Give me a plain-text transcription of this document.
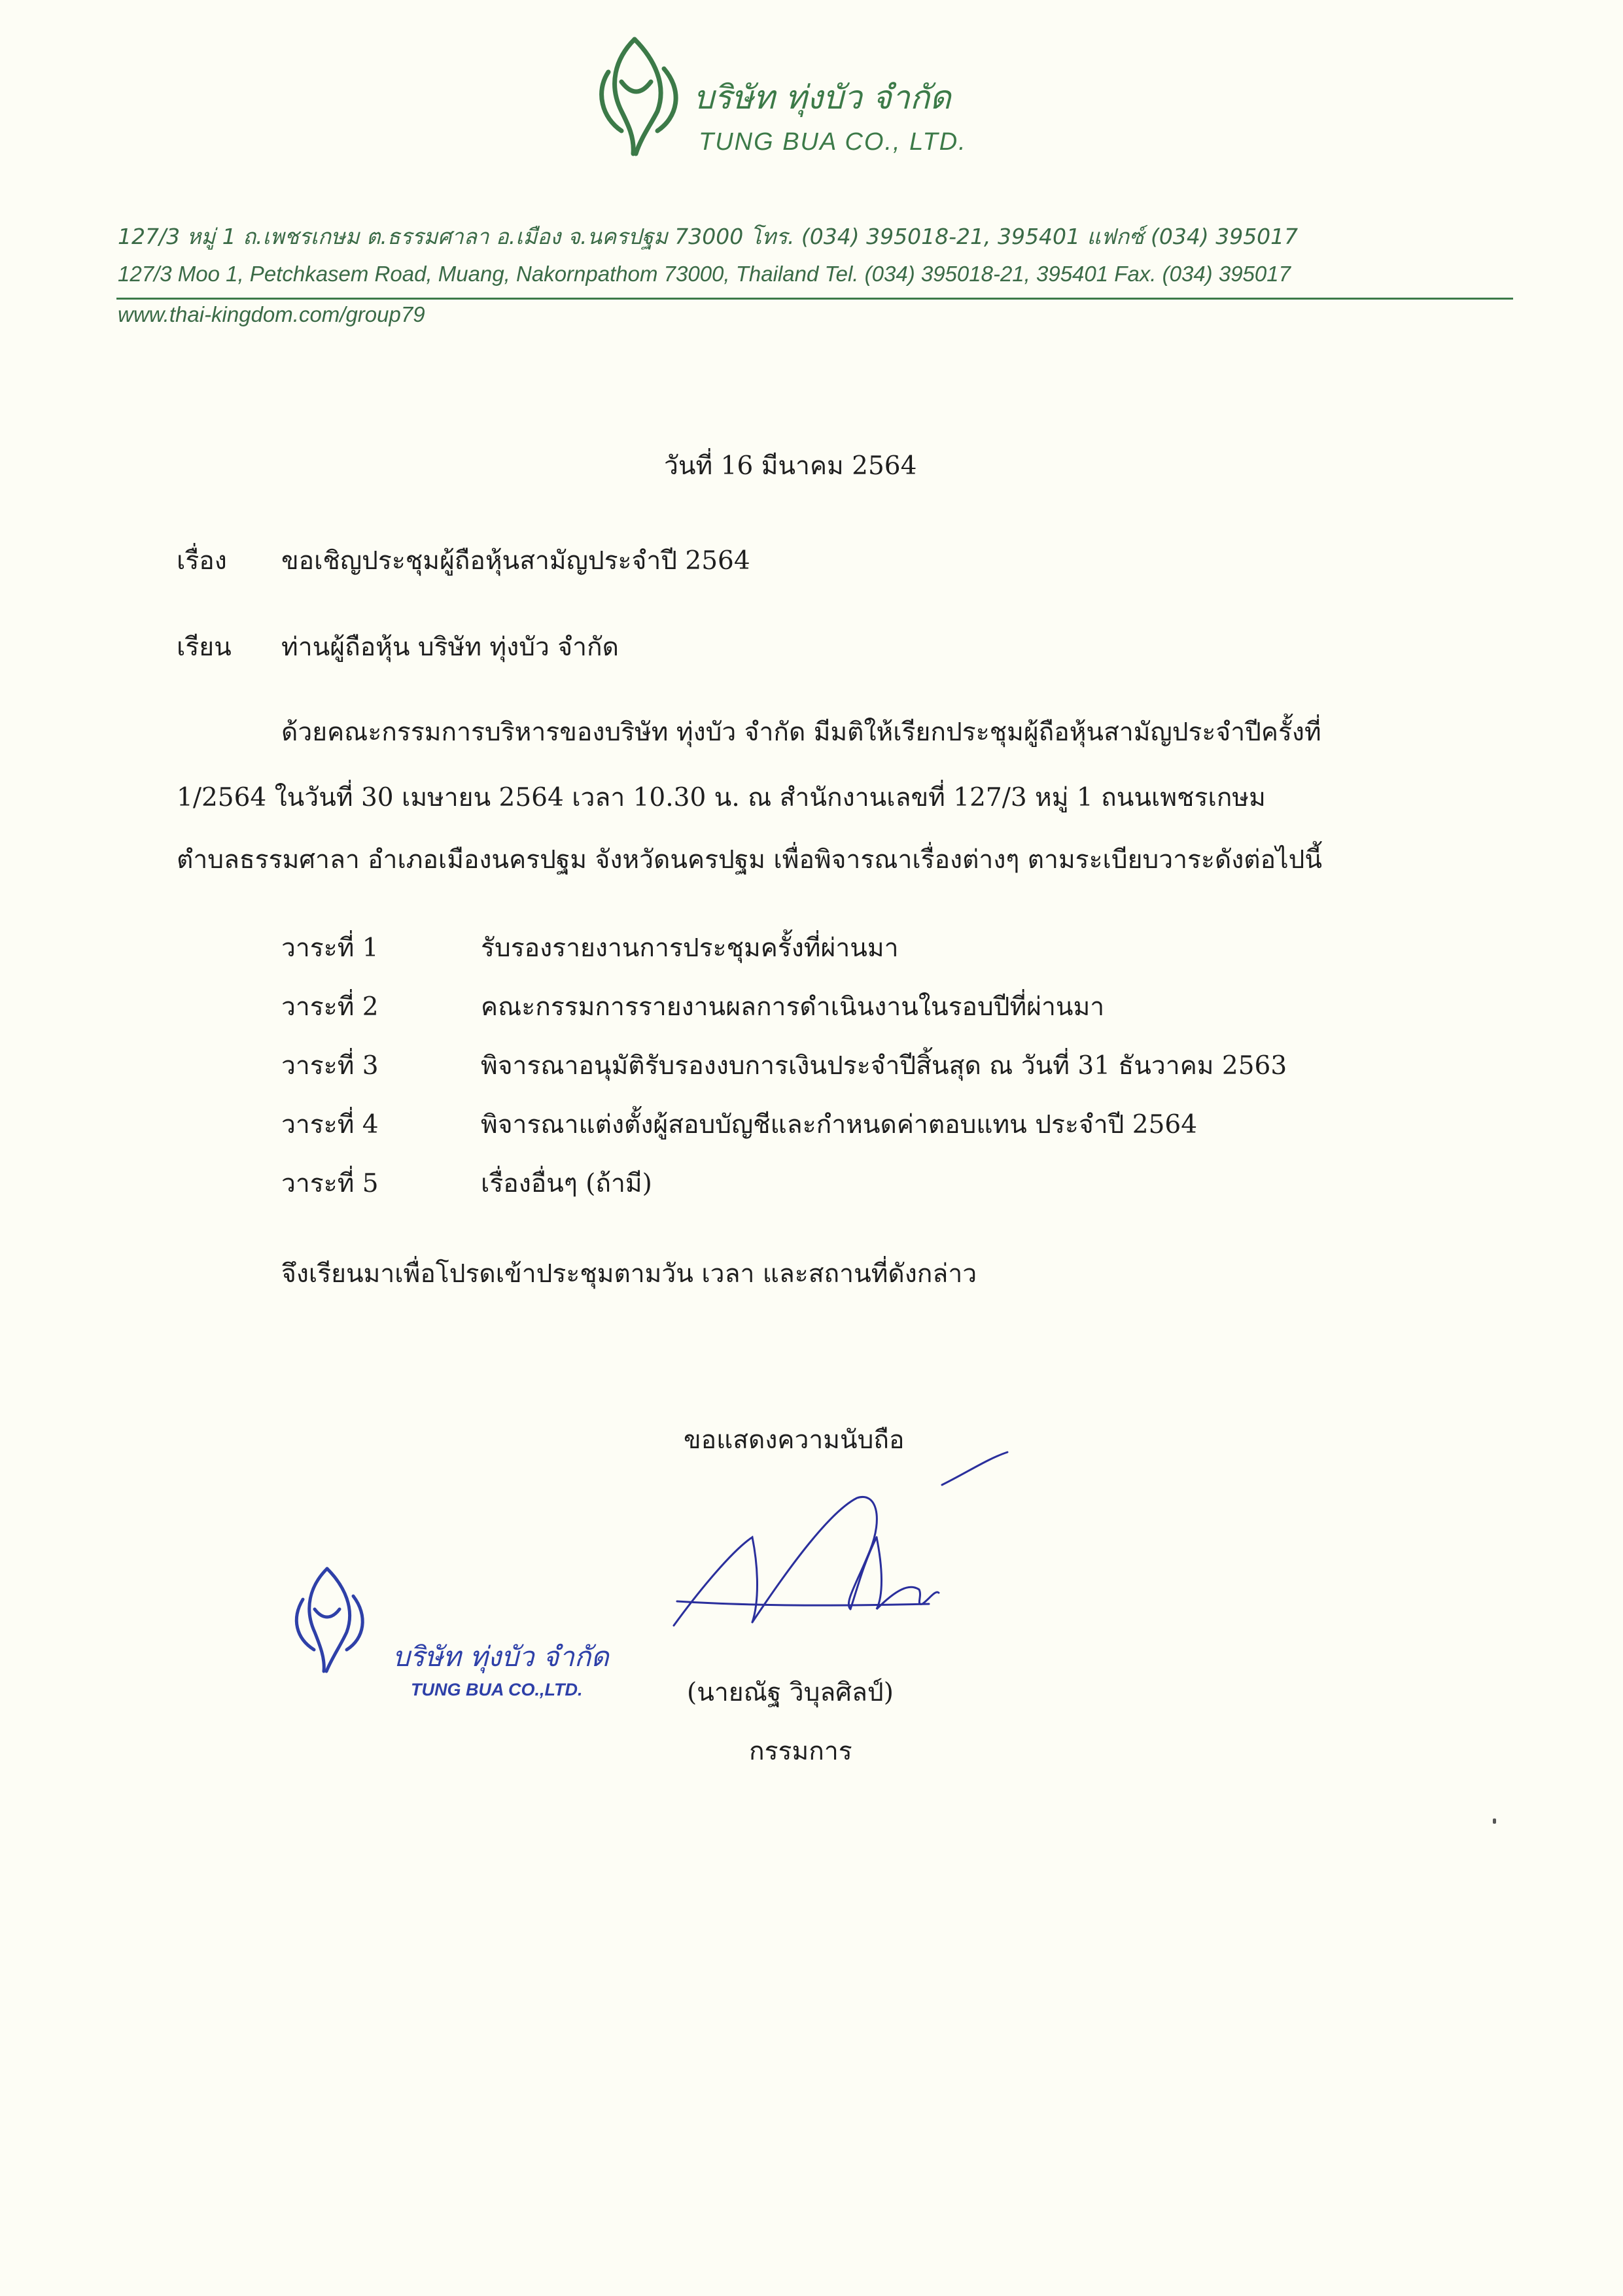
บริษัท ทุ่งบัว จำกัด
TUNG BUA CO., LTD.
127/3 หมู่ 1 ถ.เพชรเกษม ต.ธรรมศาลา อ.เมือง จ.นครปฐม 73000 โทร. (034) 395018-21, 395401 แฟกซ์ (034) 395017
127/3 Moo 1, Petchkasem Road, Muang, Nakornpathom 73000, Thailand Tel. (034) 395018-21, 395401 Fax. (034) 395017
www.thai-kingdom.com/group79
วันที่ 16 มีนาคม 2564
เรื่อง ขอเชิญประชุมผู้ถือหุ้นสามัญประจำปี 2564
เรียน ท่านผู้ถือหุ้น บริษัท ทุ่งบัว จำกัด
ด้วยคณะกรรมการบริหารของบริษัท ทุ่งบัว จำกัด มีมติให้เรียกประชุมผู้ถือหุ้นสามัญประจำปีครั้งที่
1/2564 ในวันที่ 30 เมษายน 2564 เวลา 10.30 น. ณ สำนักงานเลขที่ 127/3 หมู่ 1 ถนนเพชรเกษม
ตำบลธรรมศาลา อำเภอเมืองนครปฐม จังหวัดนครปฐม เพื่อพิจารณาเรื่องต่างๆ ตามระเบียบวาระดังต่อไปนี้
วาระที่ 1	รับรองรายงานการประชุมครั้งที่ผ่านมา
วาระที่ 2	คณะกรรมการรายงานผลการดำเนินงานในรอบปีที่ผ่านมา
วาระที่ 3	พิจารณาอนุมัติรับรองงบการเงินประจำปีสิ้นสุด ณ วันที่ 31 ธันวาคม 2563
วาระที่ 4	พิจารณาแต่งตั้งผู้สอบบัญชีและกำหนดค่าตอบแทน ประจำปี 2564
วาระที่ 5	เรื่องอื่นๆ (ถ้ามี)
จึงเรียนมาเพื่อโปรดเข้าประชุมตามวัน เวลา และสถานที่ดังกล่าว
ขอแสดงความนับถือ
บริษัท ทุ่งบัว จำกัด
TUNG BUA CO.,LTD.	(นายณัฐ วิบุลศิลป์)
กรรมการ
